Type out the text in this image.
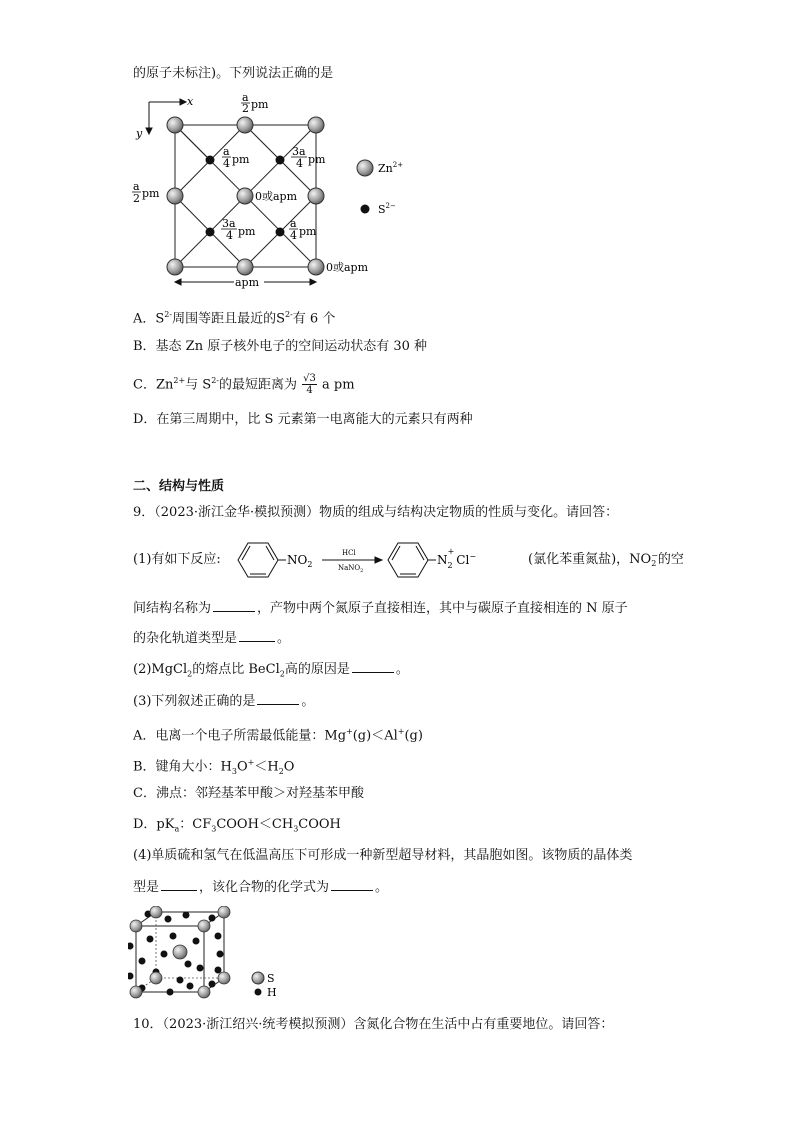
的原子未标注)。下列说法正确的是
x
y
a
2 pm
a
2 pm
a
4 pm
3a
4 pm
0或apm
3a
4 pm
a
4 pm
0或apm
apm
$Zn^{2+}$
$S^{2-}$
A．$S^{2-}$周围等距且最近的$S^{2-}$有 6 个
B．基态 Zn 原子核外电子的空间运动状态有 30 种
C．$Zn^{2+}$与 $S^{2-}$的最短距离为 $\frac{√3}{4}$ a pm
D．在第三周期中，比 S 元素第一电离能大的元素只有两种
二、结构与性质
9．（2023·浙江金华·模拟预测）物质的组成与结构决定物质的性质与变化。请回答：
(1)有如下反应:	$NO_2$
HCl
NaNO$_2$
$N_2+Cl^-$	(氯化苯重氮盐)，NO −
2 的空
间结构名称为	，产物中两个氮原子直接相连，其中与碳原子直接相连的 N 原子
的杂化轨道类型是	。
(2)MgCl$_2$的熔点比 BeCl$_2$高的原因是	。
(3)下列叙述正确的是	。
A．电离一个电子所需最低能量：Mg+(g)＜Al+(g)
B．键角大小：$H_3O^+<H_2O$
C．沸点：邻羟基苯甲酸＞对羟基苯甲酸
D．$pK_a$：$CF_3COOH<CH_3COOH$
(4)单质硫和氢气在低温高压下可形成一种新型超导材料，其晶胞如图。该物质的晶体类
型是	，该化合物的化学式为	。
S
H
10．（2023·浙江绍兴·统考模拟预测）含氮化合物在生活中占有重要地位。请回答：
